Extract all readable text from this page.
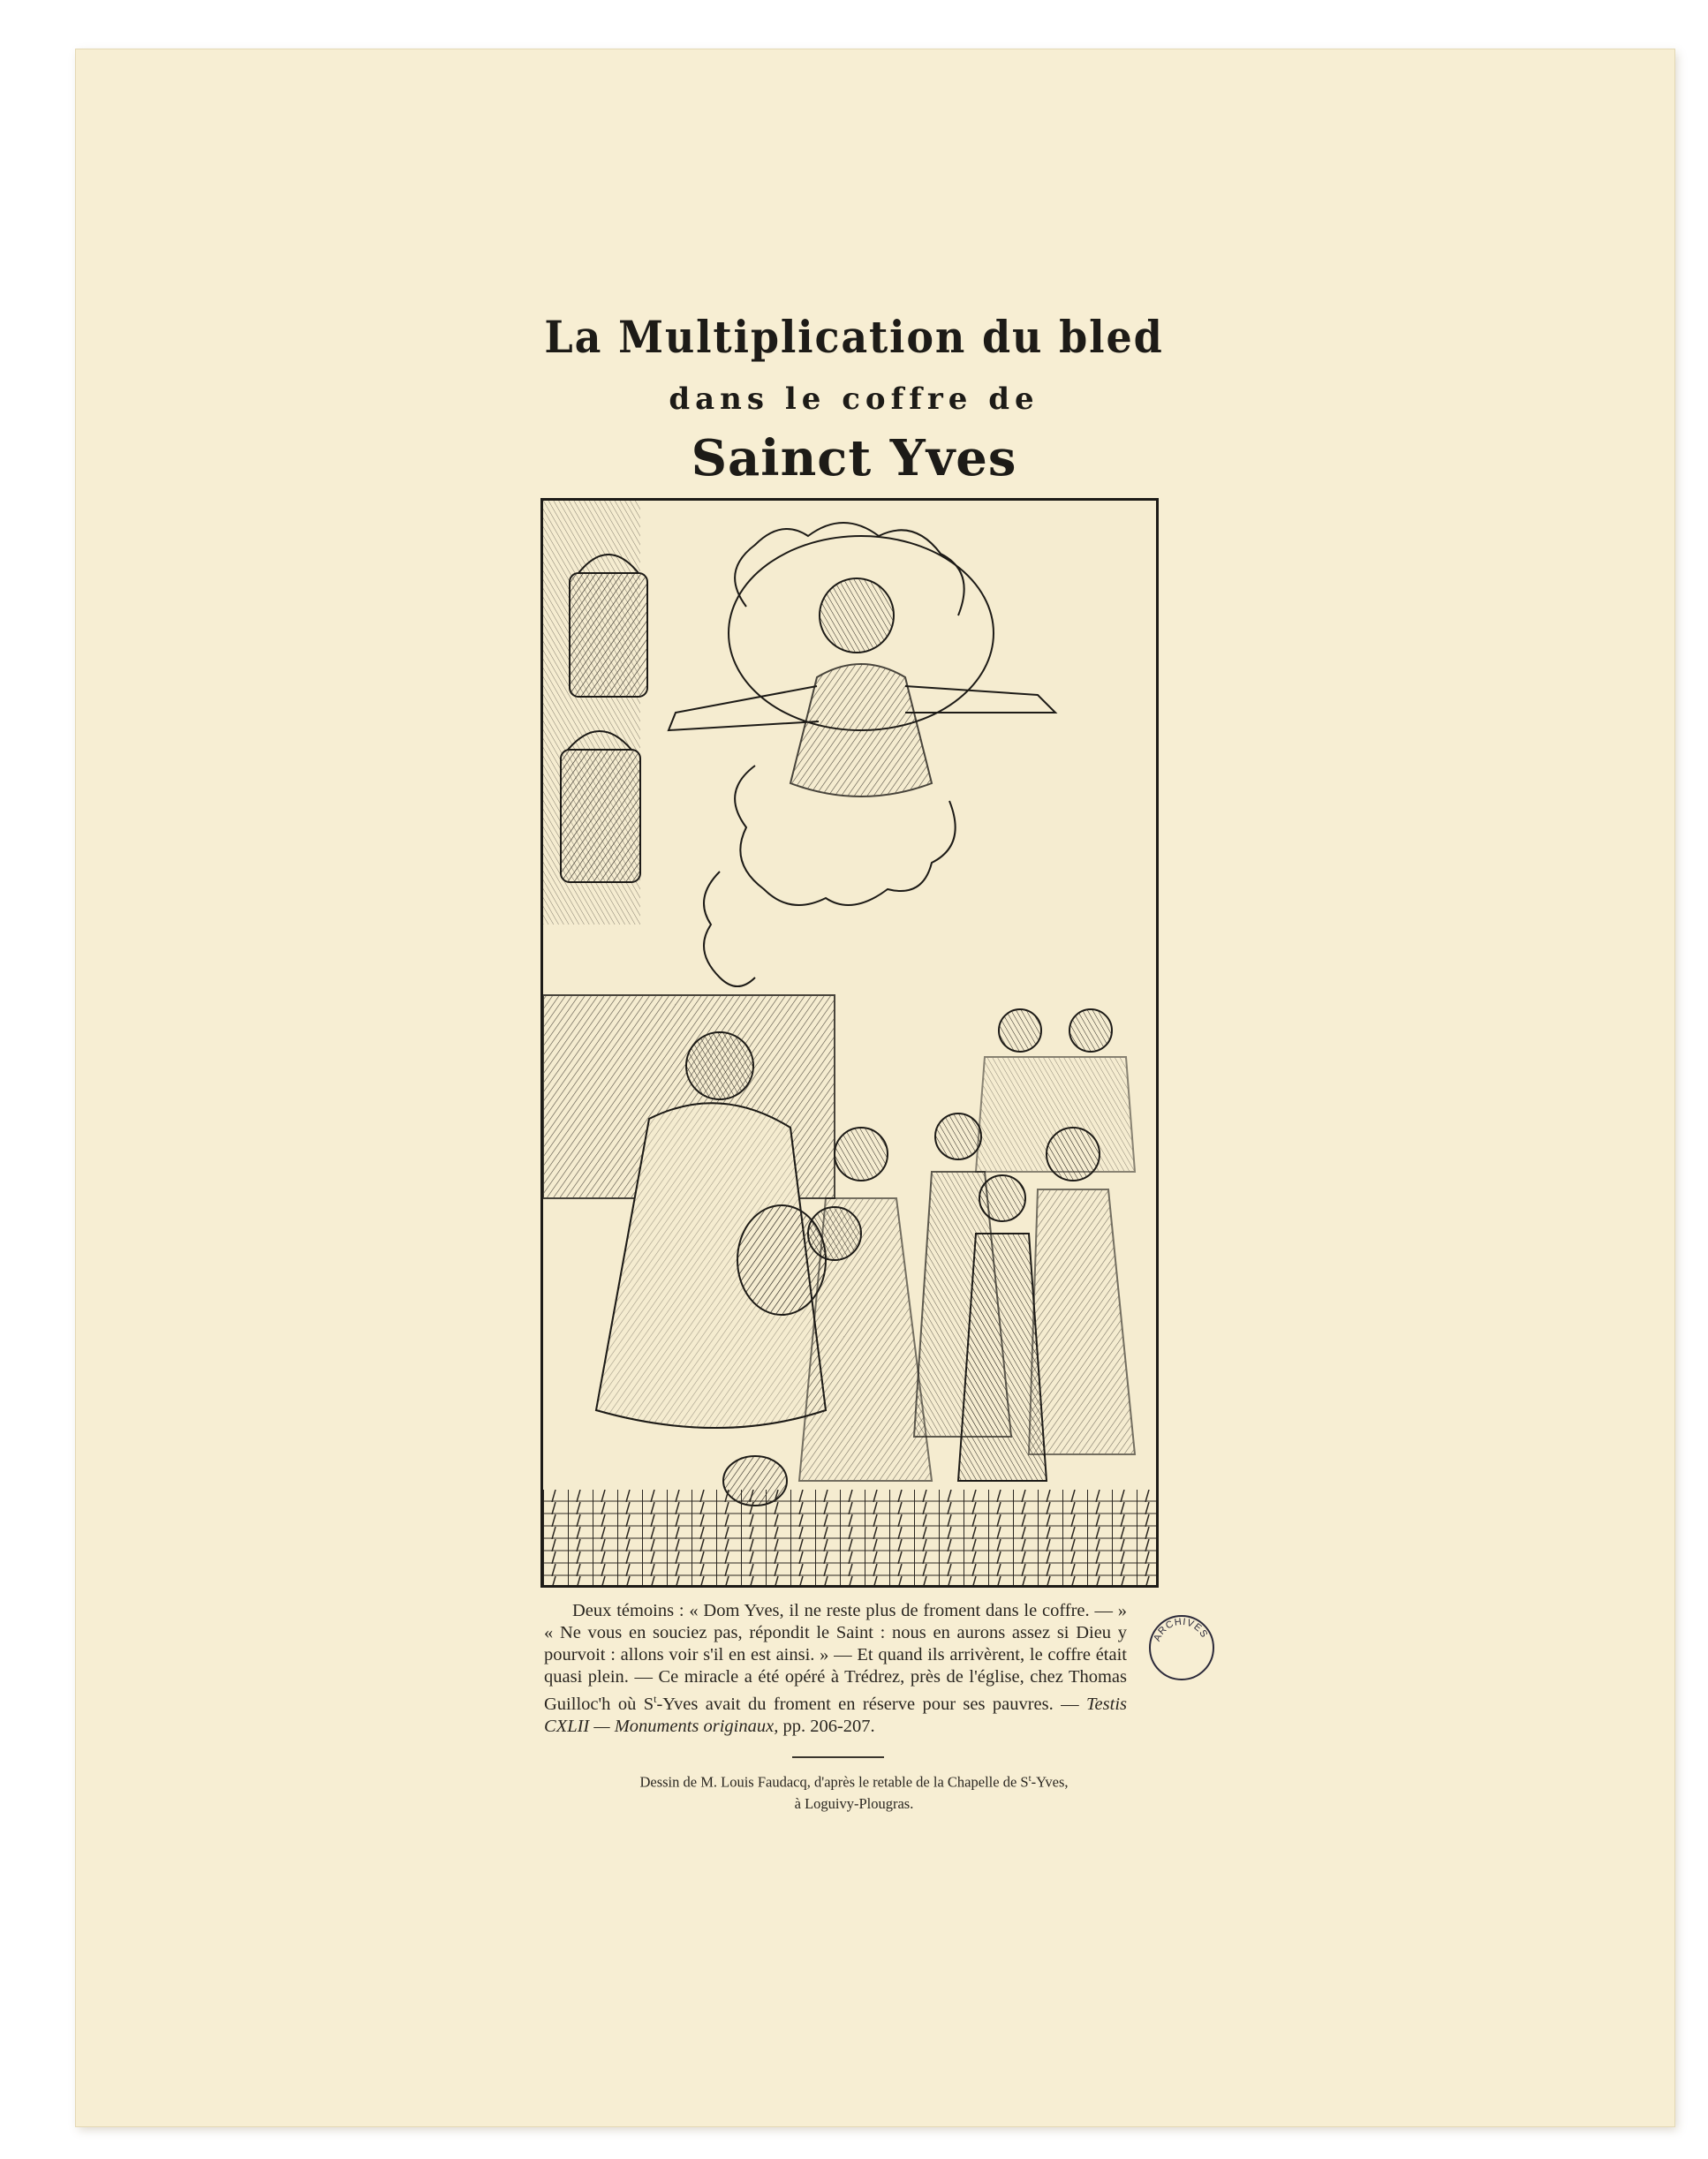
La Multiplication du bled
dans le coffre de
Sainct Yves
Deux témoins : « Dom Yves, il ne reste plus de froment dans le coffre. — » « Ne vous en souciez pas, répondit le Saint : nous en aurons assez si Dieu y pourvoit : allons voir s'il en est ainsi. » — Et quand ils arrivèrent, le coffre était quasi plein. — Ce miracle a été opéré à Trédrez, près de l'église, chez Thomas Guilloc'h où $S^t$-Yves avait du froment en réserve pour ses pauvres. — Testis CXLII — Monuments originaux, pp. 206-207.
Dessin de M. Louis Faudacq, d'après le retable de la Chapelle de $S^t$-Yves,
à Loguivy-Plougras.
ARCHIVES
